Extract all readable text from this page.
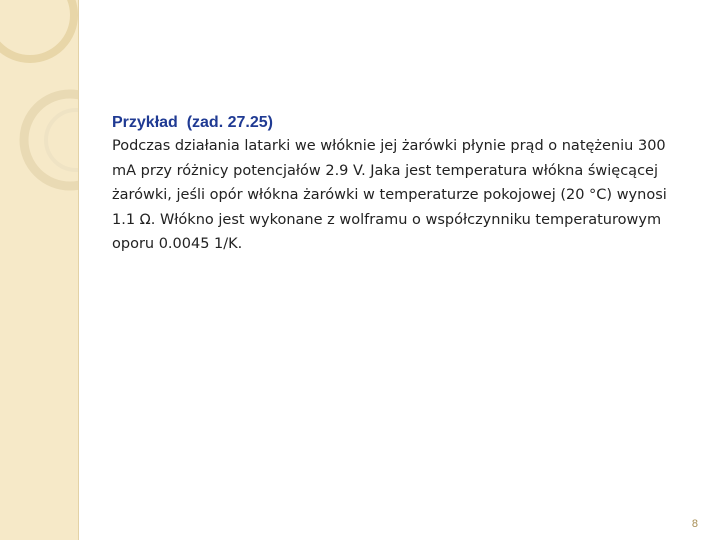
Przykład  (zad. 27.25)
Podczas działania latarki we włóknie jej żarówki płynie prąd o natężeniu 300 mA przy różnicy potencjałów 2.9 V. Jaka jest temperatura włókna święcącej żarówki, jeśli opór włókna żarówki w temperaturze pokojowej (20 °C) wynosi 1.1 Ω. Włókno jest wykonane z wolframu o współczynniku temperaturowym oporu 0.0045 1/K.
8
